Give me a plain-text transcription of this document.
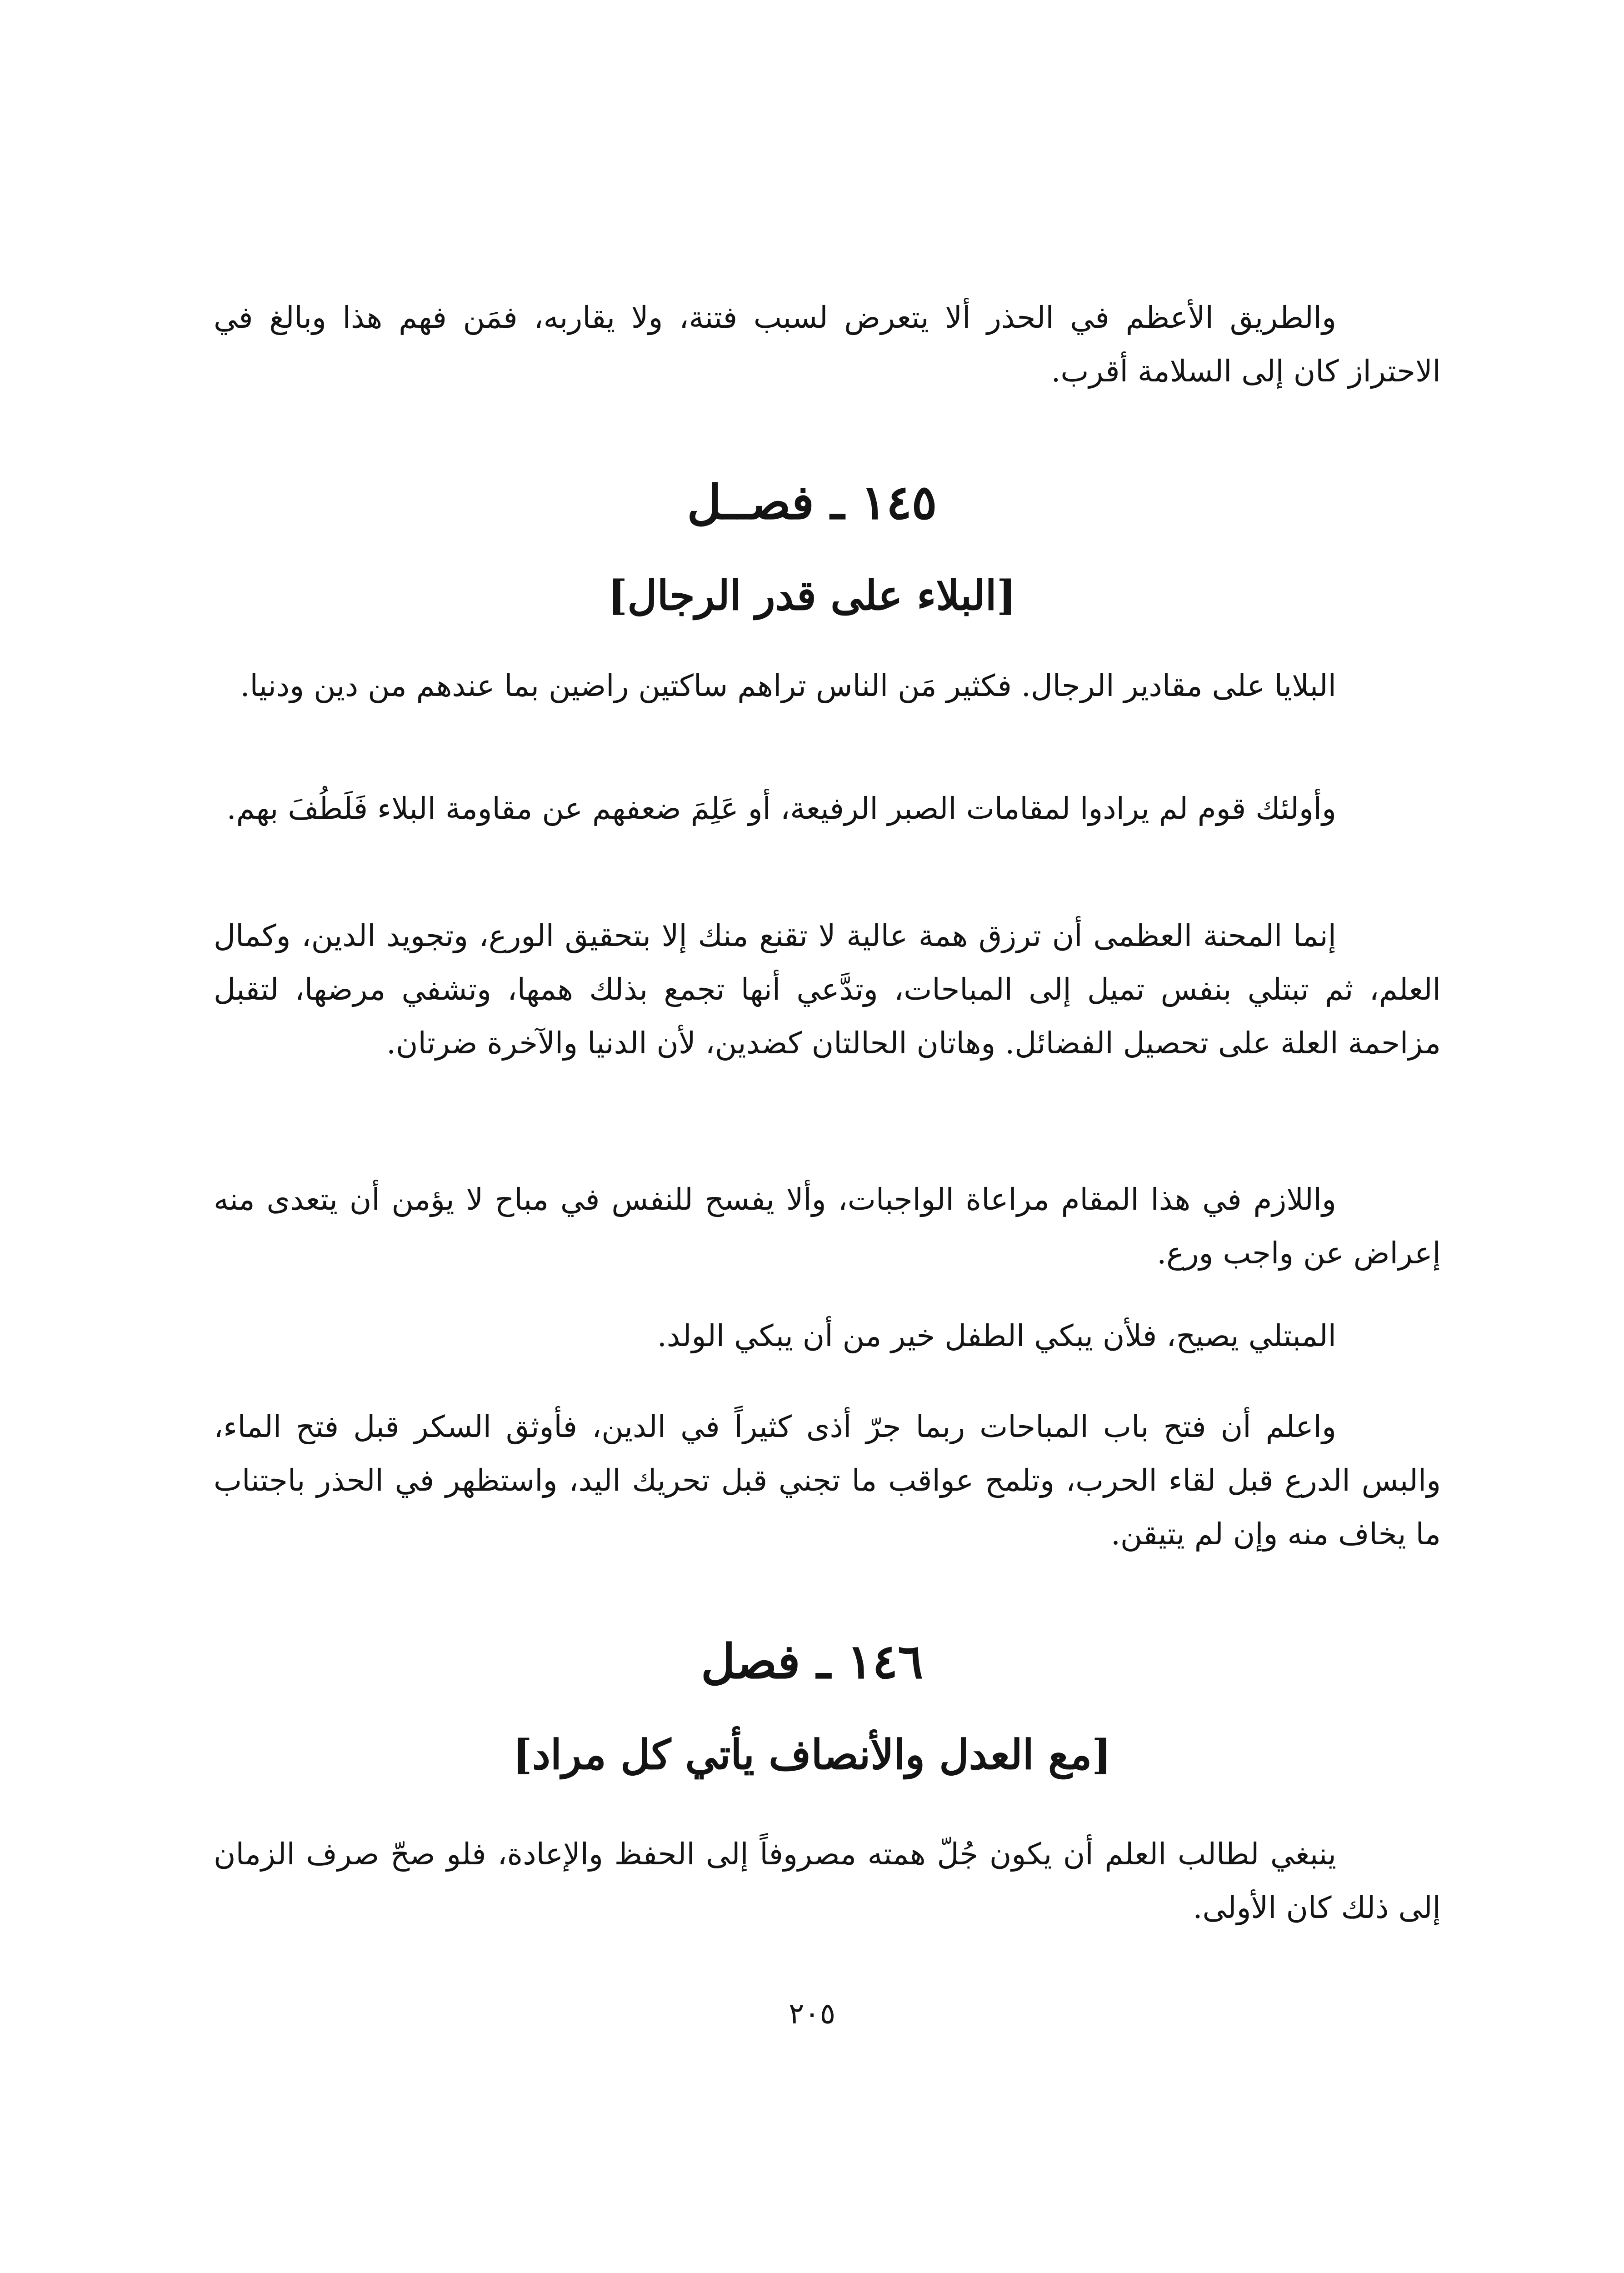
والطريق الأعظم في الحذر ألا يتعرض لسبب فتنة، ولا يقاربه، فمَن فهم هذا وبالغ في الاحتراز كان إلى السلامة أقرب.

١٤٥ ـ فصــل
[البلاء على قدر الرجال]

البلايا على مقادير الرجال. فكثير مَن الناس تراهم ساكتين راضين بما عندهم من دين ودنيا.

وأولئك قوم لم يرادوا لمقامات الصبر الرفيعة، أو عَلِمَ ضعفهم عن مقاومة البلاء فَلَطُفَ بهم.

إنما المحنة العظمى أن ترزق همة عالية لا تقنع منك إلا بتحقيق الورع، وتجويد الدين، وكمال العلم، ثم تبتلي بنفس تميل إلى المباحات، وتدَّعي أنها تجمع بذلك همها، وتشفي مرضها، لتقبل مزاحمة العلة على تحصيل الفضائل. وهاتان الحالتان كضدين، لأن الدنيا والآخرة ضرتان.

واللازم في هذا المقام مراعاة الواجبات، وألا يفسح للنفس في مباح لا يؤمن أن يتعدى منه إعراض عن واجب ورع.

المبتلي يصيح، فلأن يبكي الطفل خير من أن يبكي الولد.

واعلم أن فتح باب المباحات ربما جرّ أذى كثيراً في الدين، فأوثق السكر قبل فتح الماء، والبس الدرع قبل لقاء الحرب، وتلمح عواقب ما تجني قبل تحريك اليد، واستظهر في الحذر باجتناب ما يخاف منه وإن لم يتيقن.

١٤٦ ـ فصل
[مع العدل والأنصاف يأتي كل مراد]

ينبغي لطالب العلم أن يكون جُلّ همته مصروفاً إلى الحفظ والإعادة، فلو صحّ صرف الزمان إلى ذلك كان الأولى.

٢٠٥
